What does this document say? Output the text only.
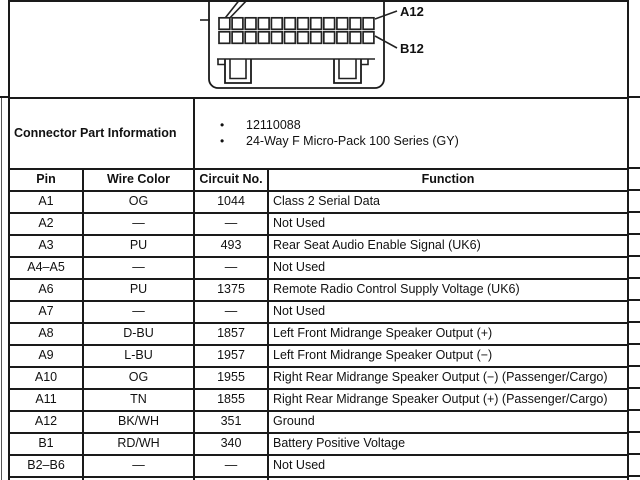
A12
B12			

Connector Part Information		• 12110088
• 24-Way F Micro-Pack 100 Series (GY)	

Pin	Wire Color	Circuit No.	Function
A1	OG	1044	Class 2 Serial Data
A2	—	—	Not Used
A3	PU	493	Rear Seat Audio Enable Signal (UK6)
A4–A5	—	—	Not Used
A6	PU	1375	Remote Radio Control Supply Voltage (UK6)
A7	—	—	Not Used
A8	D-BU	1857	Left Front Midrange Speaker Output (+)
A9	L-BU	1957	Left Front Midrange Speaker Output (−)
A10	OG	1955	Right Rear Midrange Speaker Output (−) (Passenger/Cargo)
A11	TN	1855	Right Rear Midrange Speaker Output (+) (Passenger/Cargo)
A12	BK/WH	351	Ground
B1	RD/WH	340	Battery Positive Voltage
B2–B6	—	—	Not Used
